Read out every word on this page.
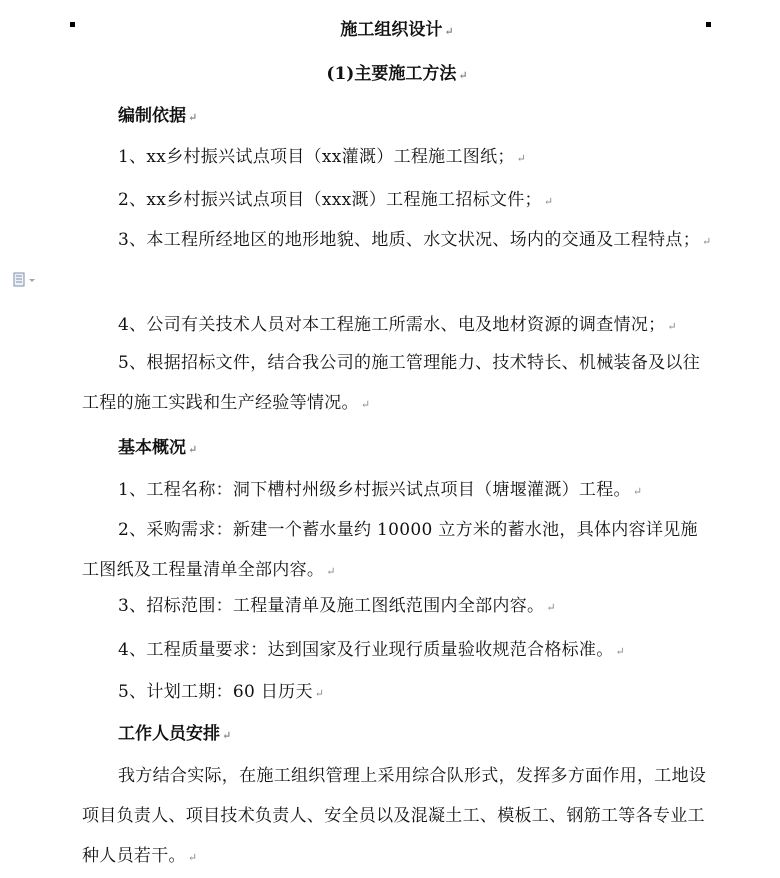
施工组织设计 ↵
(1)主要施工方法 ↵
编制依据 ↵
1、xx乡村振兴试点项目（xx灌溉）工程施工图纸； ↵
2、xx乡村振兴试点项目（xxx溉）工程施工招标文件； ↵
3、本工程所经地区的地形地貌、地质、水文状况、场内的交通及工程特点； ↵
4、公司有关技术人员对本工程施工所需水、电及地材资源的调查情况； ↵
5、根据招标文件，结合我公司的施工管理能力、技术特长、机械装备及以往工程的施工实践和生产经验等情况。 ↵
基本概况 ↵
1、工程名称：洞下槽村州级乡村振兴试点项目（塘堰灌溉）工程。 ↵
2、采购需求：新建一个蓄水量约 10000 立方米的蓄水池，具体内容详见施工图纸及工程量清单全部内容。 ↵
3、招标范围：工程量清单及施工图纸范围内全部内容。 ↵
4、工程质量要求：达到国家及行业现行质量验收规范合格标准。 ↵
5、计划工期：60 日历天 ↵
工作人员安排 ↵
我方结合实际，在施工组织管理上采用综合队形式，发挥多方面作用，工地设项目负责人、项目技术负责人、安全员以及混凝土工、模板工、钢筋工等各专业工种人员若干。 ↵
